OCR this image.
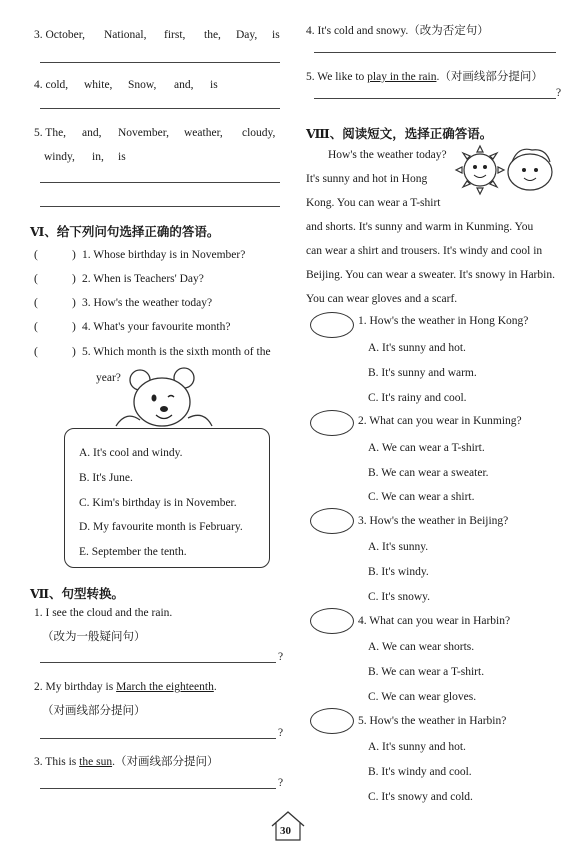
3. October, National, first, the, Day, is
4. cold, white, Snow, and, is
5. The, and, November, weather, cloudy,
windy, in, is
Ⅵ、给下列问句选择正确的答语。
(	) 1. Whose birthday is in November?
(	) 2. When is Teachers' Day?
(	) 3. How's the weather today?
(	) 4. What's your favourite month?
(	) 5. Which month is the sixth month of the
year?
A. It's cool and windy.
B. It's June.
C. Kim's birthday is in November.
D. My favourite month is February.
E. September the tenth.
Ⅶ、句型转换。
1. I see the cloud and the rain.
（改为一般疑问句）
?
2. My birthday is March the eighteenth.
（对画线部分提问）
?
3. This is the sun.（对画线部分提问）
?
4. It's cold and snowy.（改为否定句）
5. We like to play in the rain.（对画线部分提问）
?
Ⅷ、阅读短文，选择正确答语。
How's the weather today?
It's sunny and hot in Hong
Kong. You can wear a T-shirt
and shorts. It's sunny and warm in Kunming. You
can wear a shirt and trousers. It's windy and cool in
Beijing. You can wear a sweater. It's snowy in Harbin.
You can wear gloves and a scarf.
1. How's the weather in Hong Kong?
A. It's sunny and hot.
B. It's sunny and warm.
C. It's rainy and cool.
2. What can you wear in Kunming?
A. We can wear a T-shirt.
B. We can wear a sweater.
C. We can wear a shirt.
3. How's the weather in Beijing?
A. It's sunny.
B. It's windy.
C. It's snowy.
4. What can you wear in Harbin?
A. We can wear shorts.
B. We can wear a T-shirt.
C. We can wear gloves.
5. How's the weather in Harbin?
A. It's sunny and hot.
B. It's windy and cool.
C. It's snowy and cold.
30
